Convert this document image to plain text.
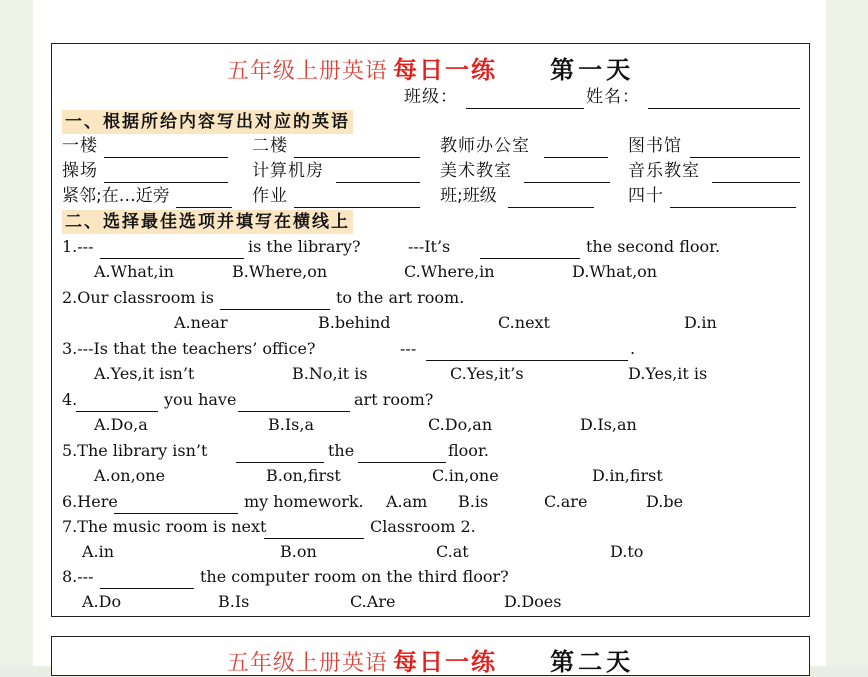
五年级上册英语 每日一练 第一天
班级：	姓名：
一、根据所给内容写出对应的英语
一楼	二楼	教师办公室	图书馆
操场	计算机房	美术教室	音乐教室
紧邻;在…近旁	作业	班;班级	四十
二、选择最佳选项并填写在横线上
1.---	is the library?	---It’s	the second floor.
A.What,in	B.Where,on	C.Where,in	D.What,on
2.Our classroom is	to the art room.
A.near	B.behind	C.next	D.in
3.---Is that the teachers’ office?	---	.
A.Yes,it isn’t	B.No,it is	C.Yes,it’s	D.Yes,it is
4.	you have	art room?
A.Do,a	B.Is,a	C.Do,an	D.Is,an
5.The library isn’t	the	floor.
A.on,one	B.on,first	C.in,one	D.in,first
6.Here	my homework. A.am B.is	C.are	D.be
7.The music room is next	Classroom 2.
A.in	B.on	C.at	D.to
8.---	the computer room on the third floor?
A.Do	B.Is	C.Are	D.Does
五年级上册英语 每日一练 第二天
